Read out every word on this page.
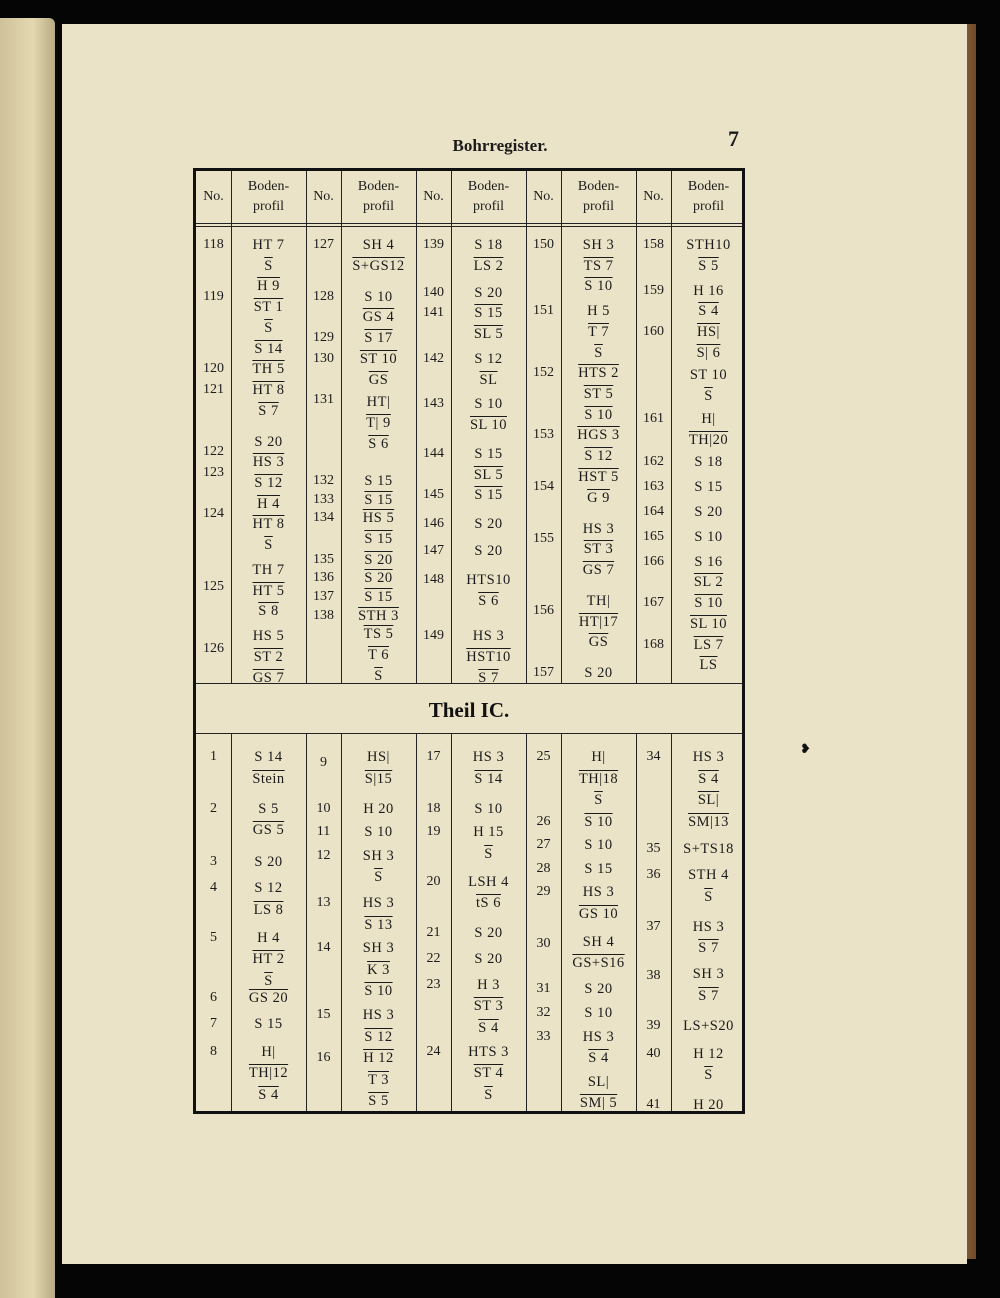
Bohrregister.	7
❥
Theil IC.
No.
Boden-
profil
No.
Boden-
profil
No.
Boden-
profil
No.
Boden-
profil
No.
Boden-
profil
118
119
120
121
122
123
124
125
126
HT 7
$\overline{S}$
H 9
ST 1
$\overline{S}$
S 14
TH 5
HT 8
S 7
S 20
HS 3
S 12
H 4
HT 8
$\overline{S}$
TH 7
HT 5
S 8
HS 5
ST 2
GS 7
127
128
129
130
131
132
133
134
135
136
137
138
SH 4
S+GS12
S 10
GS 4
S 17
ST 10
$\overline{GS}$
HT|
T| 9
S 6
S 15
S 15
HS 5
S 15
S 20
S 20
S 15
STH 3
TS 5
T 6
$\overline{S}$
139
140
141
142
143
144
145
146
147
148
149
S 18
LS 2
S 20
S 15
SL 5
S 12
$\overline{SL}$
S 10
SL 10
S 15
SL 5
S 15
S 20
S 20
HTS10
S 6
HS 3
HST10
S 7
150
151
152
153
154
155
156
157
SH 3
TS 7
S 10
H 5
T 7
$\overline{S}$
HTS 2
ST 5
S 10
HGS 3
S 12
HST 5
G 9
HS 3
ST 3
GS 7
TH|
HT|17
$\overline{GS}$
S 20
158
159
160
161
162
163
164
165
166
167
168
STH10
S 5
H 16
S 4
HS|
S| 6
ST 10
$\overline{S}$
H|
TH|20
S 18
S 15
S 20
S 10
S 16
SL 2
S 10
SL 10
LS 7
$\overline{LS}$
1
2
3
4
5
6
7
8
S 14
Stein
S 5
GS 5
S 20
S 12
LS 8
H 4
HT 2
$\overline{S}$
GS 20
S 15
H|
TH|12
S 4
9
10
11
12
13
14
15
16
HS|
S|15
H 20
S 10
SH 3
$\overline{S}$
HS 3
S 13
SH 3
K 3
S 10
HS 3
S 12
H 12
T 3
S 5
17
18
19
20
21
22
23
24
HS 3
S 14
S 10
H 15
$\overline{S}$
LSH 4
tS 6
S 20
S 20
H 3
ST 3
S 4
HTS 3
ST 4
$\overline{S}$
25
26
27
28
29
30
31
32
33
H|
TH|18
$\overline{S}$
S 10
S 10
S 15
HS 3
GS 10
SH 4
GS+S16
S 20
S 10
HS 3
S 4
SL|
SM| 5
34
35
36
37
38
39
40
41
HS 3
S 4
SL|
SM|13
S+TS18
STH 4
$\overline{S}$
HS 3
S 7
SH 3
S 7
LS+S20
H 12
$\overline{S}$
H 20
